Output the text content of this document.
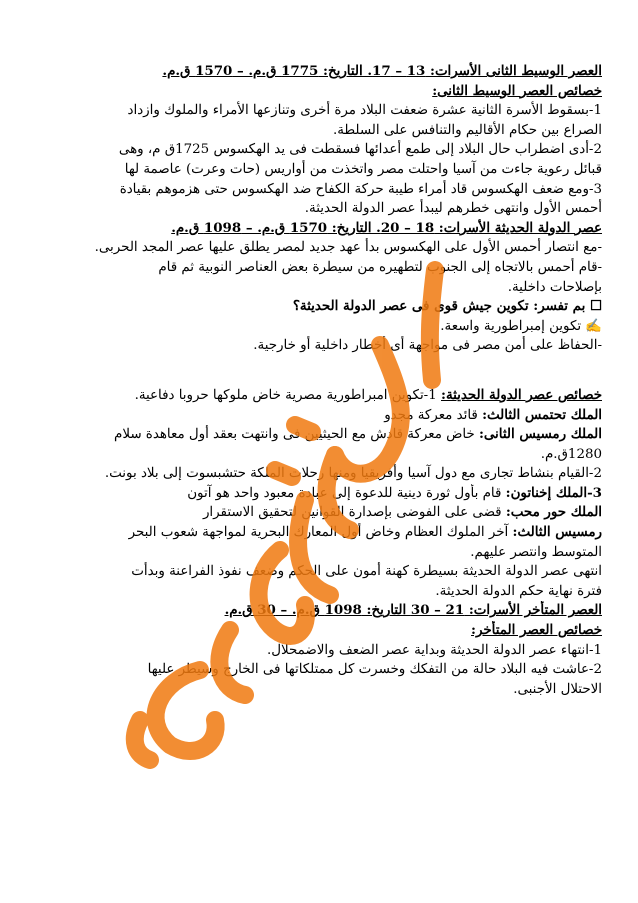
العصر الوسيط الثانى الأسرات: 13 – 17. التاريخ: 1775 ق.م. – 1570 ق.م.
خصائص العصر الوسيط الثانى:
1-بسقوط الأسرة الثانية عشرة ضعفت البلاد مرة أخرى وتنازعها الأمراء والملوك وازداد
الصراع بين حكام الأقاليم والتنافس على السلطة.
2-أدى اضطراب حال البلاد إلى طمع أعدائها فسقطت فى يد الهكسوس 1725ق م، وهى
قبائل رعوية جاءت من آسيا واحتلت مصر واتخذت من أواريس (حات وعرت) عاصمة لها
3-ومع ضعف الهكسوس قاد أمراء طيبة حركة الكفاح ضد الهكسوس حتى هزموهم بقيادة
أحمس الأول وانتهى خطرهم ليبدأ عصر الدولة الحديثة.
عصر الدولة الحديثة الأسرات: 18 – 20. التاريخ: 1570 ق.م. – 1098 ق.م.
-مع انتصار أحمس الأول على الهكسوس بدأ عهد جديد لمصر يطلق عليها عصر المجد الحربى.
-قام أحمس بالاتجاه إلى الجنوب لتطهيره من سيطرة بعض العناصر النوبية ثم قام
بإصلاحات داخلية.
☐ بم تفسر: تكوين جيش قوى فى عصر الدولة الحديثة؟
✍ تكوين إمبراطورية واسعة.
-الحفاظ على أمن مصر فى مواجهة أى أخطار داخلية أو خارجية.
خصائص عصر الدولة الحديثة: 1-تكوين امبراطورية مصرية خاض ملوكها حروبا دفاعية.
الملك تحتمس الثالث: قائد معركة مجدو
الملك رمسيس الثانى: خاض معركة قادش مع الحيثيين فى وانتهت بعقد أول معاهدة سلام
1280ق.م.
2-القيام بنشاط تجارى مع دول آسيا وأفريقيا ومنها رحلات الملكة حتشبسوت إلى بلاد بونت.
3-الملك إخناتون: قام بأول ثورة دينية للدعوة إلى عبادة معبود واحد هو آتون
الملك حور محب: قضى على الفوضى بإصدارة القوانين لتحقيق الاستقرار
رمسيس الثالث: آخر الملوك العظام وخاض أول المعارك البحرية لمواجهة شعوب البحر
المتوسط وانتصر عليهم.
انتهى عصر الدولة الحديثة بسيطرة كهنة أمون على الحكم وضعف نفوذ الفراعنة وبدأت
فترة نهاية حكم الدولة الحديثة.
العصر المتأخر الأسرات: 21 – 30 التاريخ: 1098 ق.م. – 30 ق.م.
خصائص العصر المتأخر:
1-انتهاء عصر الدولة الحديثة وبداية عصر الضعف والاضمحلال.
2-عاشت فيه البلاد حالة من التفكك وخسرت كل ممتلكاتها فى الخارج وسيطر عليها
الاحتلال الأجنبى.
